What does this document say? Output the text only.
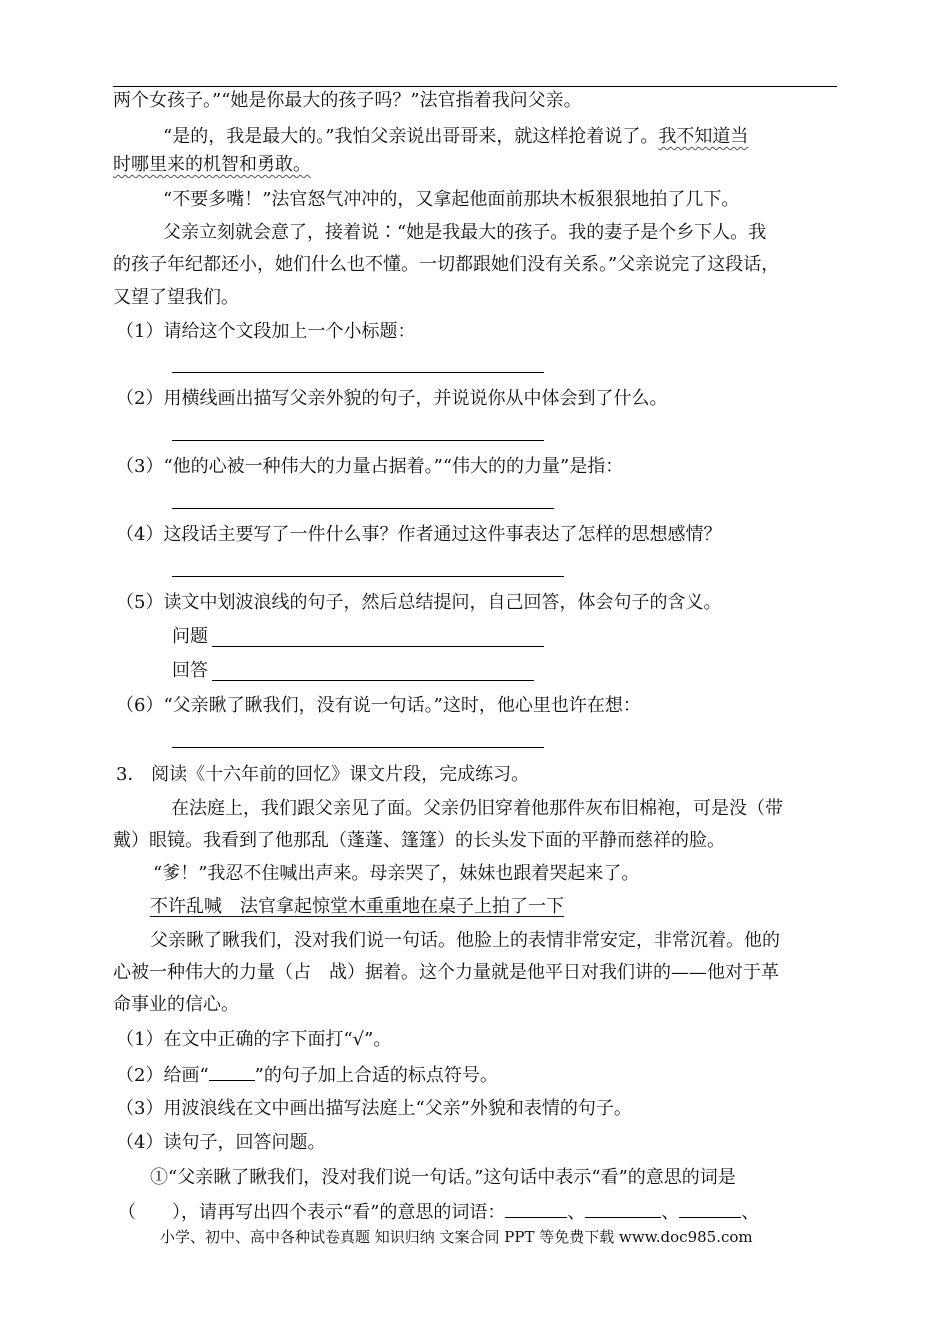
两个女孩子。”“她是你最大的孩子吗？”法官指着我问父亲。
“是的，我是最大的。”我怕父亲说出哥哥来，就这样抢着说了。我不知道当
时哪里来的机智和勇敢。
“不要多嘴！”法官怒气冲冲的，又拿起他面前那块木板狠狠地拍了几下。
父亲立刻就会意了，接着说∶“她是我最大的孩子。我的妻子是个乡下人。我
的孩子年纪都还小，她们什么也不懂。一切都跟她们没有关系。”父亲说完了这段话，
又望了望我们。
（1）请给这个文段加上一个小标题：
（2）用横线画出描写父亲外貌的句子，并说说你从中体会到了什么。
（3）“他的心被一种伟大的力量占据着。”“伟大的的力量”是指：
（4）这段话主要写了一件什么事？作者通过这件事表达了怎样的思想感情？
（5）读文中划波浪线的句子，然后总结提问，自己回答，体会句子的含义。
问题
回答
（6）“父亲瞅了瞅我们，没有说一句话。”这时，他心里也许在想：
3． 阅读《十六年前的回忆》课文片段，完成练习。
在法庭上，我们跟父亲见了面。父亲仍旧穿着他那件灰布旧棉袍，可是没（带
戴）眼镜。我看到了他那乱（蓬蓬、篷篷）的长头发下面的平静而慈祥的脸。
“爹！”我忍不住喊出声来。母亲哭了，妹妹也跟着哭起来了。
不许乱喊　法官拿起惊堂木重重地在桌子上拍了一下
父亲瞅了瞅我们，没对我们说一句话。他脸上的表情非常安定，非常沉着。他的
心被一种伟大的力量（占　战）据着。这个力量就是他平日对我们讲的——他对于革
命事业的信心。
（1）在文中正确的字下面打“√”。
（2）给画“	”的句子加上合适的标点符号。
（3）用波浪线在文中画出描写法庭上“父亲”外貌和表情的句子。
（4）读句子，回答问题。
①“父亲瞅了瞅我们，没对我们说一句话。”这句话中表示“看”的意思的词是
（　　），请再写出四个表示“看”的意思的词语：	、	、	、
小学、初中、高中各种试卷真题 知识归纳 文案合同 PPT 等免费下载 www.doc985.com
